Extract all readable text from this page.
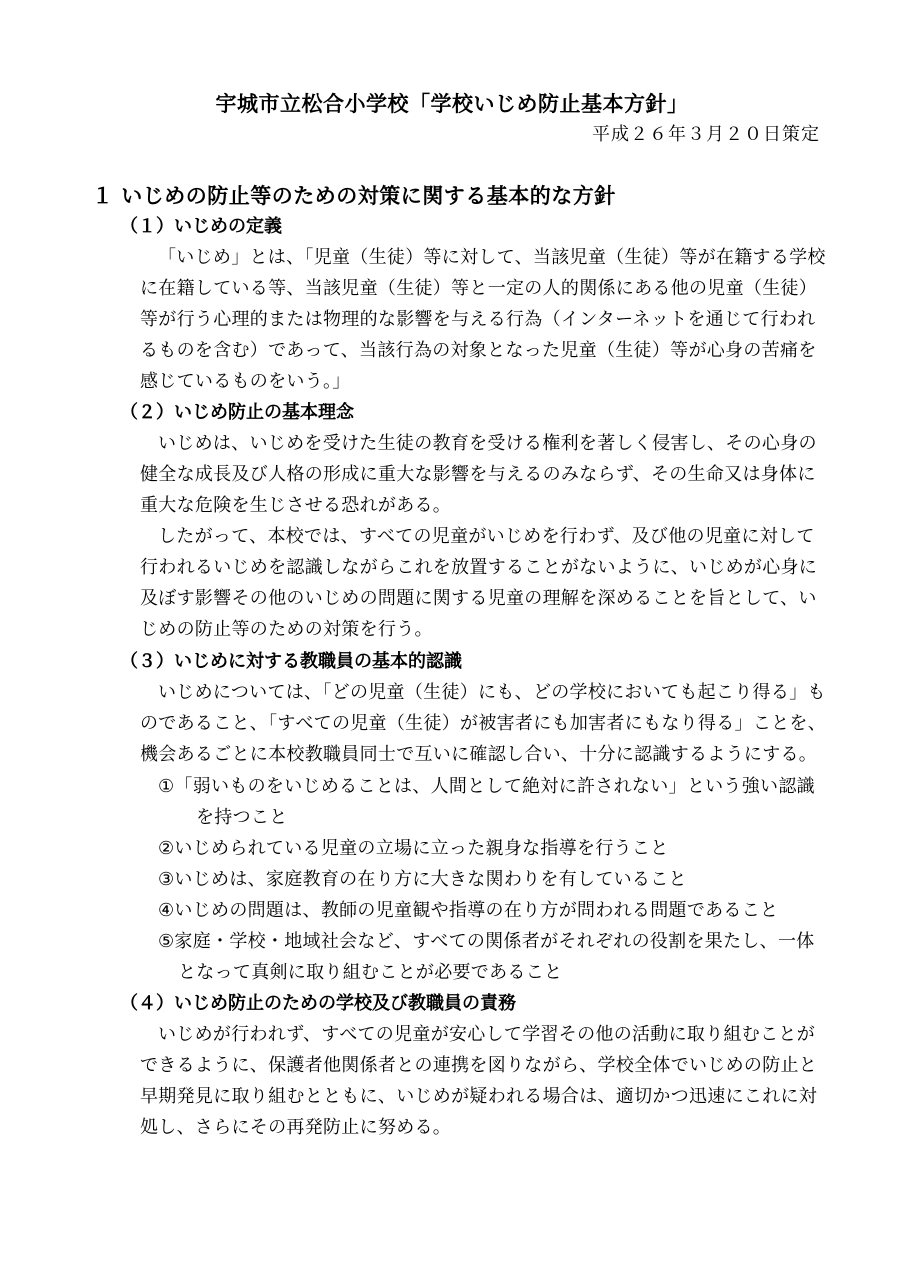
宇城市立松合小学校「学校いじめ防止基本方針」
平成２６年３月２０日策定
１ いじめの防止等のための対策に関する基本的な方針
（１）いじめの定義
「いじめ」とは、「児童（生徒）等に対して、当該児童（生徒）等が在籍する学校
に在籍している等、当該児童（生徒）等と一定の人的関係にある他の児童（生徒）
等が行う心理的または物理的な影響を与える行為（インターネットを通じて行われ
るものを含む）であって、当該行為の対象となった児童（生徒）等が心身の苦痛を
感じているものをいう。」
（２）いじめ防止の基本理念
いじめは、いじめを受けた生徒の教育を受ける権利を著しく侵害し、その心身の
健全な成長及び人格の形成に重大な影響を与えるのみならず、その生命又は身体に
重大な危険を生じさせる恐れがある。
したがって、本校では、すべての児童がいじめを行わず、及び他の児童に対して
行われるいじめを認識しながらこれを放置することがないように、いじめが心身に
及ぼす影響その他のいじめの問題に関する児童の理解を深めることを旨として、い
じめの防止等のための対策を行う。
（３）いじめに対する教職員の基本的認識
いじめについては、「どの児童（生徒）にも、どの学校においても起こり得る」も
のであること、「すべての児童（生徒）が被害者にも加害者にもなり得る」ことを、
機会あるごとに本校教職員同士で互いに確認し合い、十分に認識するようにする。
①「弱いものをいじめることは、人間として絶対に許されない」という強い認識
を持つこと
②いじめられている児童の立場に立った親身な指導を行うこと
③いじめは、家庭教育の在り方に大きな関わりを有していること
④いじめの問題は、教師の児童観や指導の在り方が問われる問題であること
⑤家庭・学校・地域社会など、すべての関係者がそれぞれの役割を果たし、一体
となって真剣に取り組むことが必要であること
（４）いじめ防止のための学校及び教職員の責務
いじめが行われず、すべての児童が安心して学習その他の活動に取り組むことが
できるように、保護者他関係者との連携を図りながら、学校全体でいじめの防止と
早期発見に取り組むとともに、いじめが疑われる場合は、適切かつ迅速にこれに対
処し、さらにその再発防止に努める。
